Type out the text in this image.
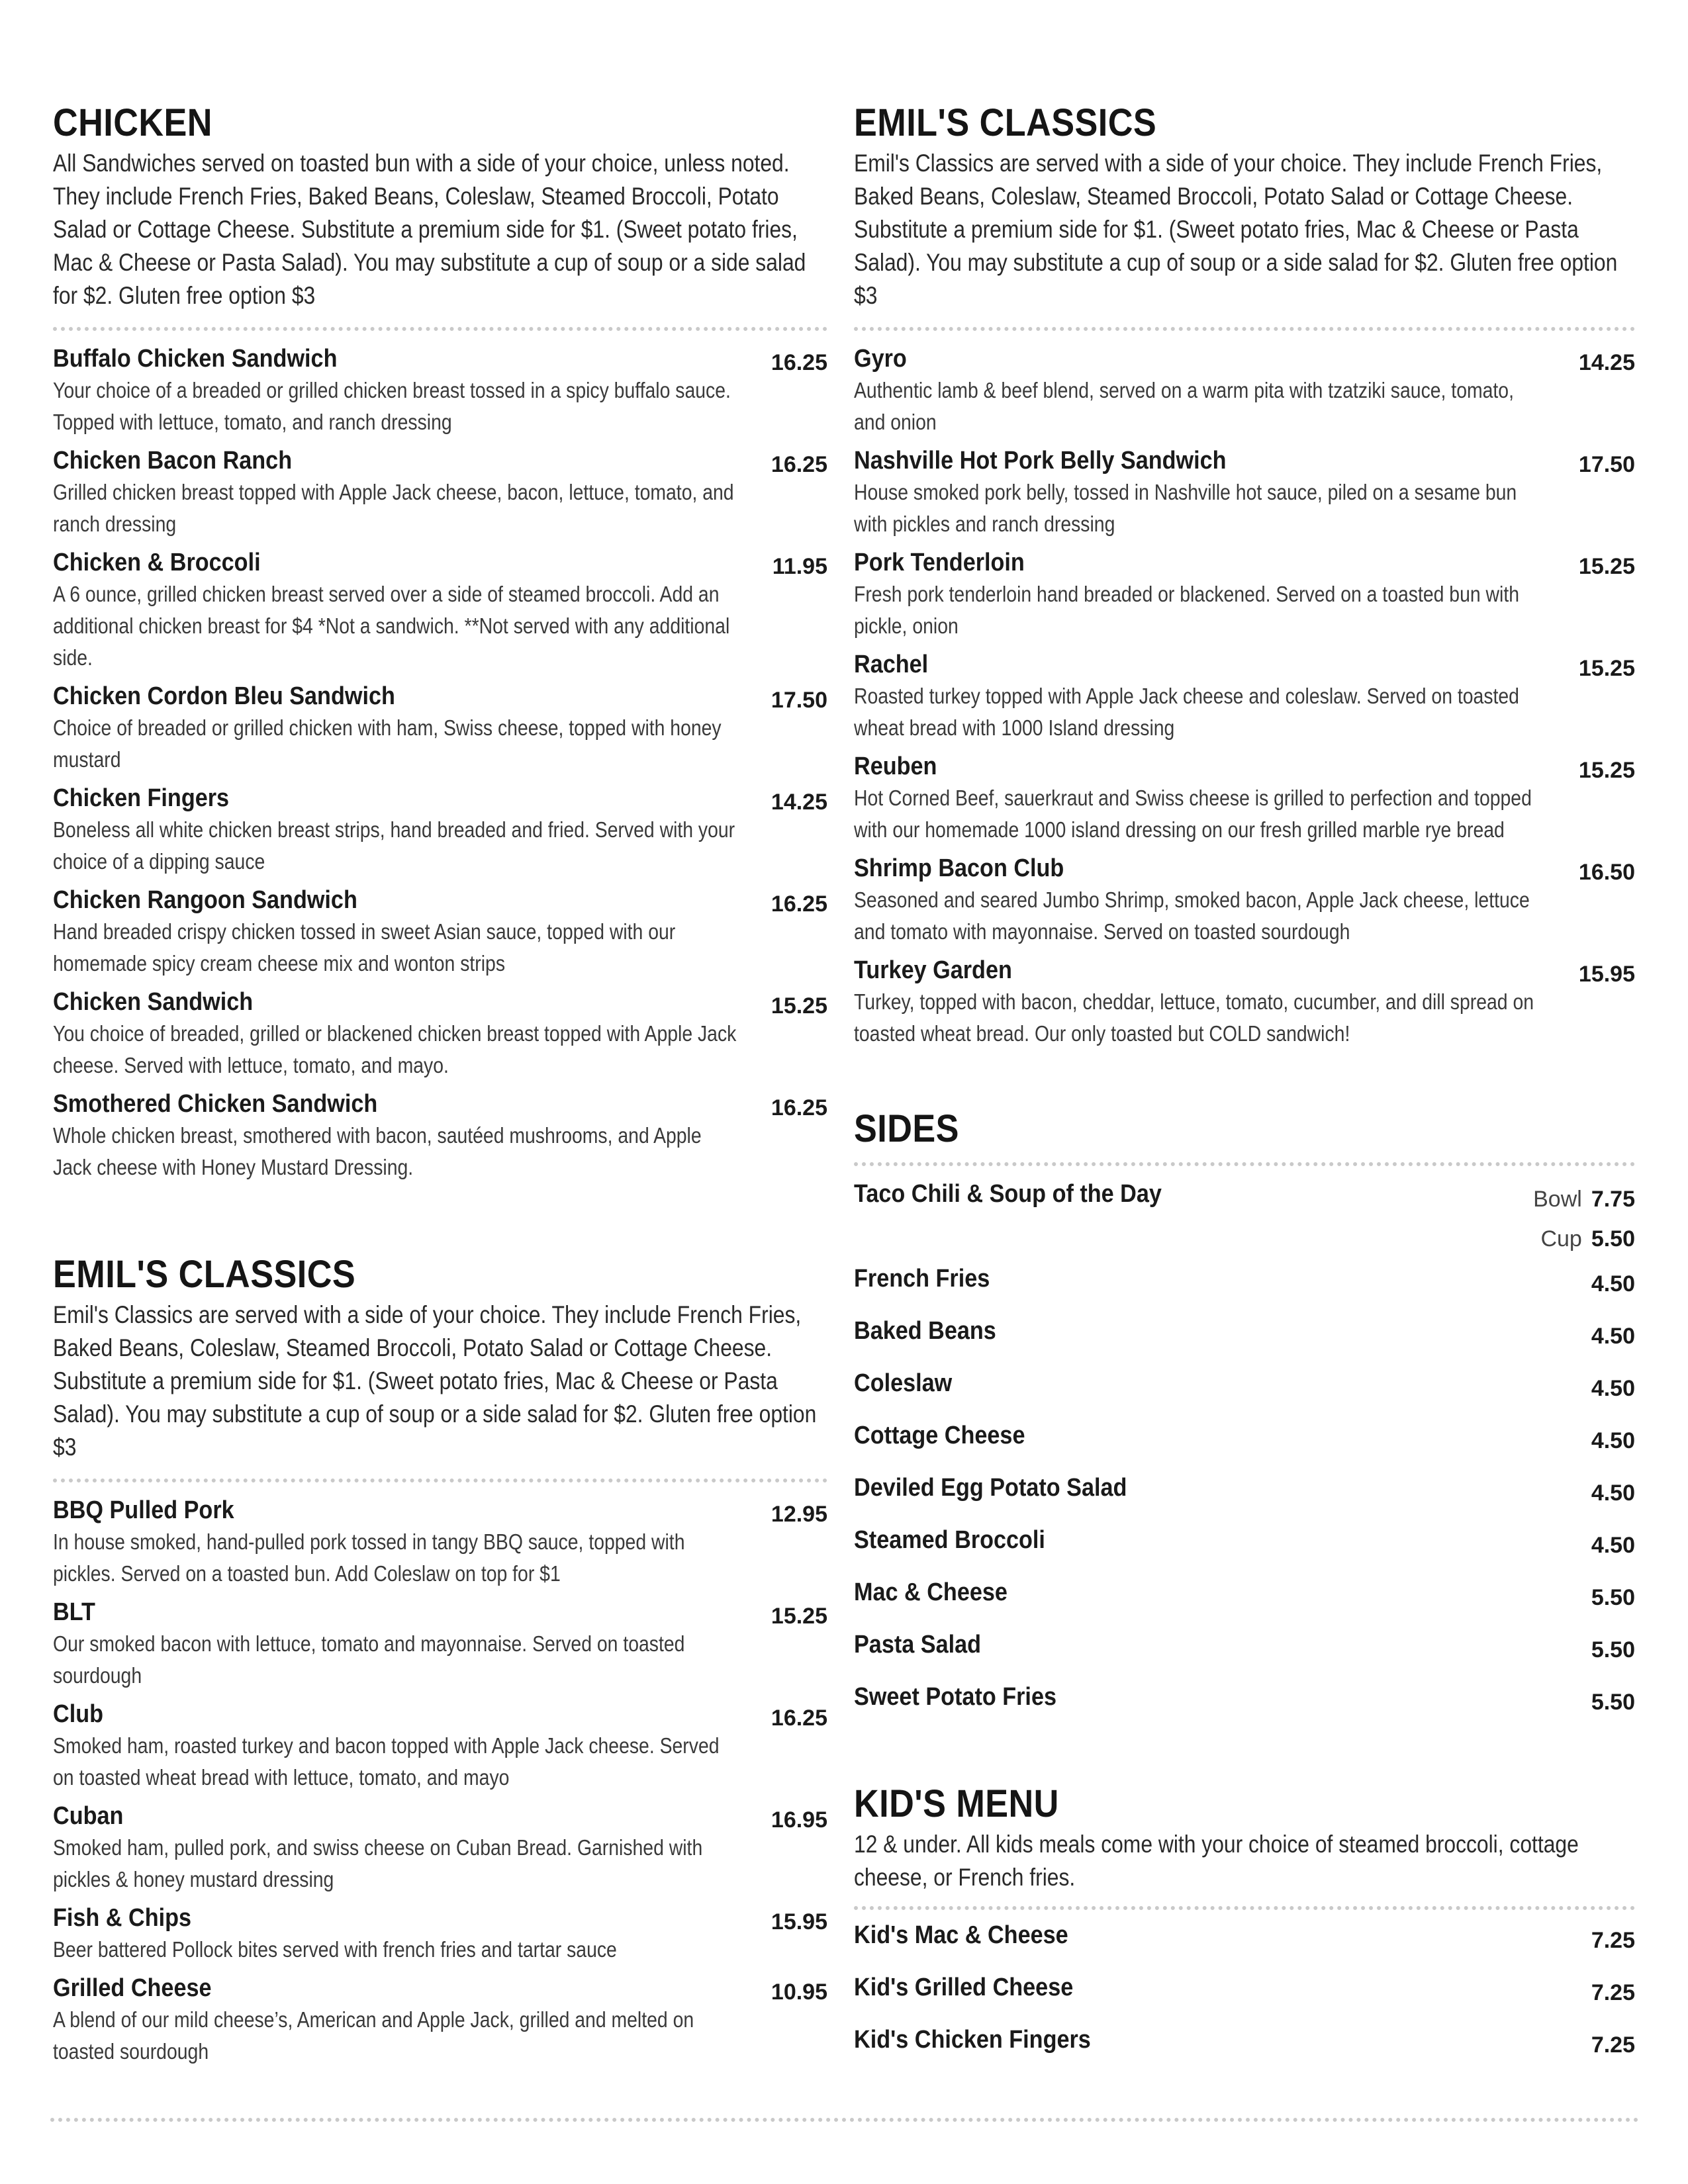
CHICKEN

All Sandwiches served on toasted bun with a side of your choice, unless noted. They include French Fries, Baked Beans, Coleslaw, Steamed Broccoli, Potato Salad or Cottage Cheese. Substitute a premium side for $1. (Sweet potato fries, Mac & Cheese or Pasta Salad). You may substitute a cup of soup or a side salad for $2. Gluten free option $3

Buffalo Chicken Sandwich	16.25

Your choice of a breaded or grilled chicken breast tossed in a spicy buffalo sauce. Topped with lettuce, tomato, and ranch dressing

Chicken Bacon Ranch	16.25

Grilled chicken breast topped with Apple Jack cheese, bacon, lettuce, tomato, and ranch dressing

Chicken & Broccoli	11.95

A 6 ounce, grilled chicken breast served over a side of steamed broccoli. Add an additional chicken breast for $4 *Not a sandwich. **Not served with any additional side.

Chicken Cordon Bleu Sandwich	17.50

Choice of breaded or grilled chicken with ham, Swiss cheese, topped with honey mustard

Chicken Fingers	14.25

Boneless all white chicken breast strips, hand breaded and fried. Served with your choice of a dipping sauce

Chicken Rangoon Sandwich	16.25

Hand breaded crispy chicken tossed in sweet Asian sauce, topped with our homemade spicy cream cheese mix and wonton strips

Chicken Sandwich	15.25

You choice of breaded, grilled or blackened chicken breast topped with Apple Jack cheese. Served with lettuce, tomato, and mayo.

Smothered Chicken Sandwich	16.25

Whole chicken breast, smothered with bacon, sautéed mushrooms, and Apple Jack cheese with Honey Mustard Dressing.

EMIL'S CLASSICS

Emil's Classics are served with a side of your choice. They include French Fries, Baked Beans, Coleslaw, Steamed Broccoli, Potato Salad or Cottage Cheese. Substitute a premium side for $1. (Sweet potato fries, Mac & Cheese or Pasta Salad). You may substitute a cup of soup or a side salad for $2. Gluten free option $3

BBQ Pulled Pork	12.95

In house smoked, hand-pulled pork tossed in tangy BBQ sauce, topped with pickles. Served on a toasted bun. Add Coleslaw on top for $1

BLT	15.25

Our smoked bacon with lettuce, tomato and mayonnaise. Served on toasted sourdough

Club	16.25

Smoked ham, roasted turkey and bacon topped with Apple Jack cheese. Served on toasted wheat bread with lettuce, tomato, and mayo

Cuban	16.95

Smoked ham, pulled pork, and swiss cheese on Cuban Bread. Garnished with pickles & honey mustard dressing

Fish & Chips	15.95

Beer battered Pollock bites served with french fries and tartar sauce

Grilled Cheese	10.95

A blend of our mild cheese’s, American and Apple Jack, grilled and melted on toasted sourdough

EMIL'S CLASSICS

Emil's Classics are served with a side of your choice. They include French Fries, Baked Beans, Coleslaw, Steamed Broccoli, Potato Salad or Cottage Cheese. Substitute a premium side for $1. (Sweet potato fries, Mac & Cheese or Pasta Salad). You may substitute a cup of soup or a side salad for $2. Gluten free option $3

Gyro	14.25

Authentic lamb & beef blend, served on a warm pita with tzatziki sauce, tomato, and onion

Nashville Hot Pork Belly Sandwich	17.50

House smoked pork belly, tossed in Nashville hot sauce, piled on a sesame bun with pickles and ranch dressing

Pork Tenderloin	15.25

Fresh pork tenderloin hand breaded or blackened. Served on a toasted bun with pickle, onion

Rachel	15.25

Roasted turkey topped with Apple Jack cheese and coleslaw. Served on toasted wheat bread with 1000 Island dressing

Reuben	15.25

Hot Corned Beef, sauerkraut and Swiss cheese is grilled to perfection and topped with our homemade 1000 island dressing on our fresh grilled marble rye bread

Shrimp Bacon Club	16.50

Seasoned and seared Jumbo Shrimp, smoked bacon, Apple Jack cheese, lettuce and tomato with mayonnaise. Served on toasted sourdough

Turkey Garden	15.95

Turkey, topped with bacon, cheddar, lettuce, tomato, cucumber, and dill spread on toasted wheat bread. Our only toasted but COLD sandwich!

SIDES
Taco Chili & Soup of the Day	Bowl 7.75
Cup 5.50
French Fries	4.50
Baked Beans	4.50
Coleslaw	4.50
Cottage Cheese	4.50
Deviled Egg Potato Salad	4.50
Steamed Broccoli	4.50
Mac & Cheese	5.50
Pasta Salad	5.50
Sweet Potato Fries	5.50
KID'S MENU

12 & under. All kids meals come with your choice of steamed broccoli, cottage cheese, or French fries.

Kid's Mac & Cheese	7.25
Kid's Grilled Cheese	7.25
Kid's Chicken Fingers	7.25
